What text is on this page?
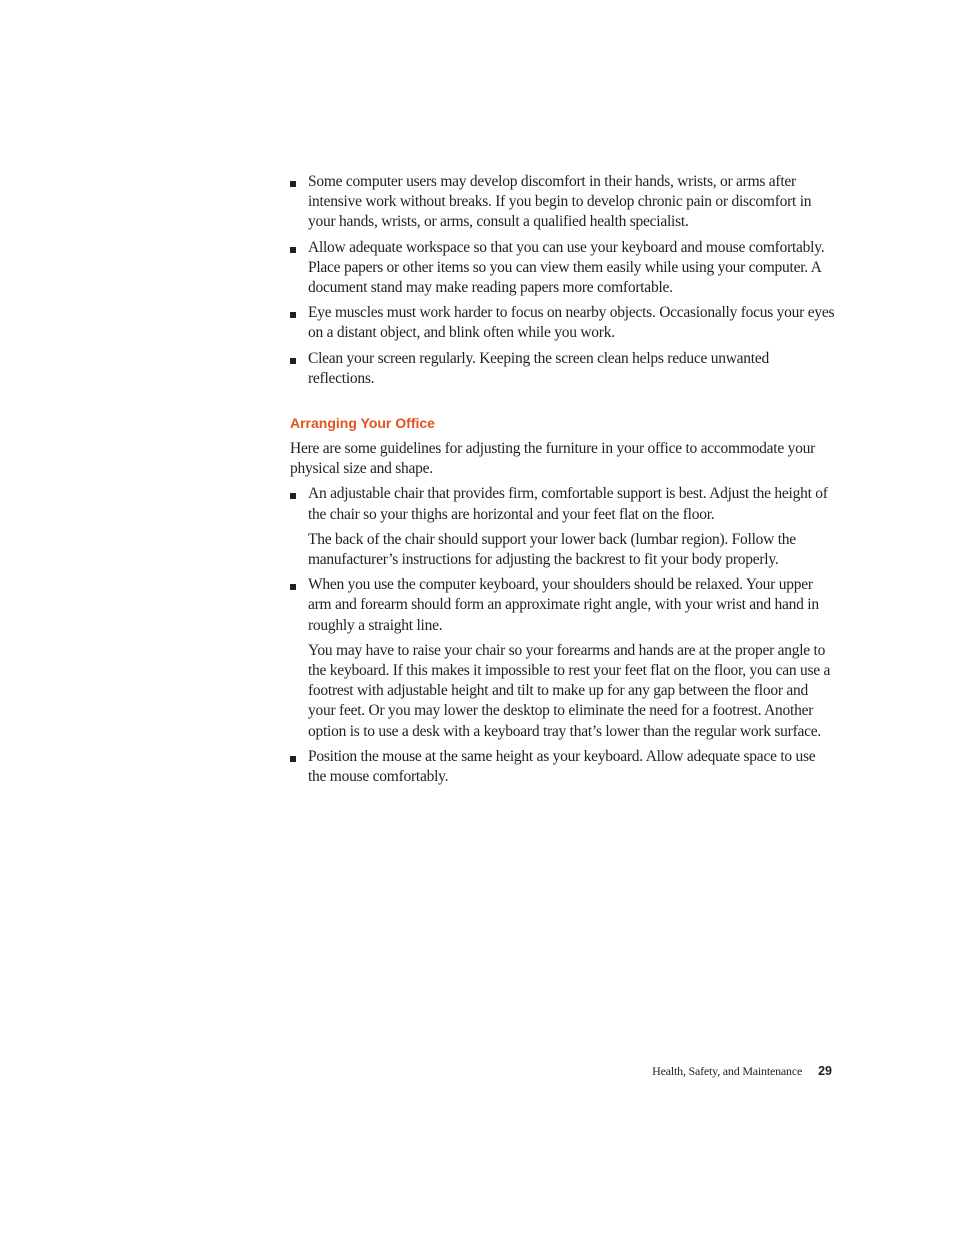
Some computer users may develop discomfort in their hands, wrists, or arms after intensive work without breaks. If you begin to develop chronic pain or discomfort in your hands, wrists, or arms, consult a qualified health specialist.

Allow adequate workspace so that you can use your keyboard and mouse comfortably. Place papers or other items so you can view them easily while using your computer. A document stand may make reading papers more comfortable.

Eye muscles must work harder to focus on nearby objects. Occasionally focus your eyes on a distant object, and blink often while you work.

Clean your screen regularly. Keeping the screen clean helps reduce unwanted reflections.

Arranging Your Office

Here are some guidelines for adjusting the furniture in your office to accommodate your physical size and shape.

An adjustable chair that provides firm, comfortable support is best. Adjust the height of the chair so your thighs are horizontal and your feet flat on the floor.

The back of the chair should support your lower back (lumbar region). Follow the manufacturer’s instructions for adjusting the backrest to fit your body properly.

When you use the computer keyboard, your shoulders should be relaxed. Your upper arm and forearm should form an approximate right angle, with your wrist and hand in roughly a straight line.

You may have to raise your chair so your forearms and hands are at the proper angle to the keyboard. If this makes it impossible to rest your feet flat on the floor, you can use a footrest with adjustable height and tilt to make up for any gap between the floor and your feet. Or you may lower the desktop to eliminate the need for a footrest. Another option is to use a desk with a keyboard tray that’s lower than the regular work surface.

Position the mouse at the same height as your keyboard. Allow adequate space to use the mouse comfortably.

Health, Safety, and Maintenance 29
